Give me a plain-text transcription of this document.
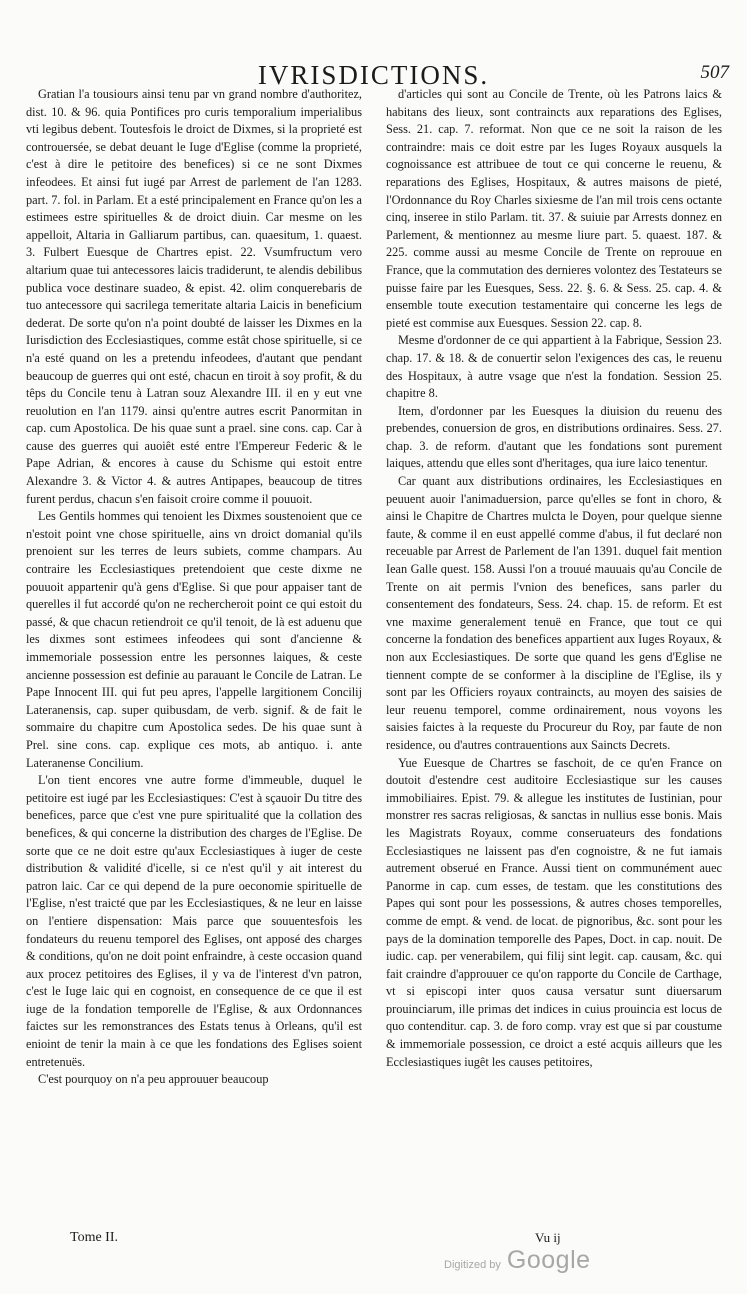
IVRISDICTIONS.	507

Gratian l'a tousiours ainsi tenu par vn grand nombre d'authoritez, dist. 10. & 96. quia Pontifices pro curis temporalium imperialibus vti legibus debent. Toutesfois le droict de Dixmes, si la proprieté est controuersée, se debat deuant le Iuge d'Eglise (comme la proprieté, c'est à dire le petitoire des benefices) si ce ne sont Dixmes infeodees. Et ainsi fut iugé par Arrest de parlement de l'an 1283. part. 7. fol. in Parlam. Et a esté principalement en France qu'on les a estimees estre spirituelles & de droict diuin. Car mesme on les appelloit, Altaria in Galliarum partibus, can. quaesitum, 1. quaest. 3. Fulbert Euesque de Chartres epist. 22. Vsumfructum vero altarium quae tui antecessores laicis tradiderunt, te alendis debilibus publica voce destinare suadeo, & epist. 42. olim conquerebaris de tuo antecessore qui sacrilega temeritate altaria Laicis in beneficium dederat. De sorte qu'on n'a point doubté de laisser les Dixmes en la Iurisdiction des Ecclesiastiques, comme estât chose spirituelle, si ce n'a esté quand on les a pretendu infeodees, d'autant que pendant beaucoup de guerres qui ont esté, chacun en tiroit à soy profit, & du têps du Concile tenu à Latran souz Alexandre III. il en y eut vne reuolution en l'an 1179. ainsi qu'entre autres escrit Panormitan in cap. cum Apostolica. De his quae sunt a prael. sine cons. cap. Car à cause des guerres qui auoiêt esté entre l'Empereur Federic & le Pape Adrian, & encores à cause du Schisme qui estoit entre Alexandre 3. & Victor 4. & autres Antipapes, beaucoup de titres furent perdus, chacun s'en faisoit croire comme il pouuoit.

Les Gentils hommes qui tenoient les Dixmes soustenoient que ce n'estoit point vne chose spirituelle, ains vn droict domanial qu'ils prenoient sur les terres de leurs subiets, comme champars. Au contraire les Ecclesiastiques pretendoient que ceste dixme ne pouuoit appartenir qu'à gens d'Eglise. Si que pour appaiser tant de querelles il fut accordé qu'on ne rechercheroit point ce qui estoit du passé, & que chacun retiendroit ce qu'il tenoit, de là est aduenu que les dixmes sont estimees infeodees qui sont d'ancienne & immemoriale possession entre les personnes laiques, & ceste ancienne possession est definie au parauant le Concile de Latran. Le Pape Innocent III. qui fut peu apres, l'appelle largitionem Concilij Lateranensis, cap. super quibusdam, de verb. signif. & de fait le sommaire du chapitre cum Apostolica sedes. De his quae sunt à Prel. sine cons. cap. explique ces mots, ab antiquo. i. ante Lateranense Concilium.

L'on tient encores vne autre forme d'immeuble, duquel le petitoire est iugé par les Ecclesiastiques: C'est à sçauoir Du titre des benefices, parce que c'est vne pure spiritualité que la collation des benefices, & qui concerne la distribution des charges de l'Eglise. De sorte que ce ne doit estre qu'aux Ecclesiastiques à iuger de ceste distribution & validité d'icelle, si ce n'est qu'il y ait interest du patron laic. Car ce qui depend de la pure oeconomie spirituelle de l'Eglise, n'est traicté que par les Ecclesiastiques, & ne leur en laisse on l'entiere dispensation: Mais parce que souuentesfois les fondateurs du reuenu temporel des Eglises, ont apposé des charges & conditions, qu'on ne doit point enfraindre, à ceste occasion quand aux procez petitoires des Eglises, il y va de l'interest d'vn patron, c'est le Iuge laic qui en cognoist, en consequence de ce que il est iuge de la fondation temporelle de l'Eglise, & aux Ordonnances faictes sur les remonstrances des Estats tenus à Orleans, qu'il est enioint de tenir la main à ce que les fondations des Eglises soient entretenuës.

C'est pourquoy on n'a peu approuuer beaucoup

d'articles qui sont au Concile de Trente, où les Patrons laics & habitans des lieux, sont contraincts aux reparations des Eglises, Sess. 21. cap. 7. reformat. Non que ce ne soit la raison de les contraindre: mais ce doit estre par les Iuges Royaux ausquels la cognoissance est attribuee de tout ce qui concerne le reuenu, & reparations des Eglises, Hospitaux, & autres maisons de pieté, l'Ordonnance du Roy Charles sixiesme de l'an mil trois cens octante cinq, inseree in stilo Parlam. tit. 37. & suiuie par Arrests donnez en Parlement, & mentionnez au mesme liure part. 5. quaest. 187. & 225. comme aussi au mesme Concile de Trente on reprouue en France, que la commutation des dernieres volontez des Testateurs se puisse faire par les Euesques, Sess. 22. §. 6. & Sess. 25. cap. 4. & ensemble toute execution testamentaire qui concerne les legs de pieté est commise aux Euesques. Session 22. cap. 8.

Mesme d'ordonner de ce qui appartient à la Fabrique, Session 23. chap. 17. & 18. & de conuertir selon l'exigences des cas, le reuenu des Hospitaux, à autre vsage que n'est la fondation. Session 25. chapitre 8.

Item, d'ordonner par les Euesques la diuision du reuenu des prebendes, conuersion de gros, en distributions ordinaires. Sess. 27. chap. 3. de reform. d'autant que les fondations sont purement laiques, attendu que elles sont d'heritages, qua iure laico tenentur.

Car quant aux distributions ordinaires, les Ecclesiastiques en peuuent auoir l'animaduersion, parce qu'elles se font in choro, & ainsi le Chapitre de Chartres mulcta le Doyen, pour quelque sienne faute, & comme il en eust appellé comme d'abus, il fut declaré non receuable par Arrest de Parlement de l'an 1391. duquel fait mention Iean Galle quest. 158. Aussi l'on a trouué mauuais qu'au Concile de Trente on ait permis l'vnion des benefices, sans parler du consentement des fondateurs, Sess. 24. chap. 15. de reform. Et est vne maxime generalement tenuë en France, que tout ce qui concerne la fondation des benefices appartient aux Iuges Royaux, & non aux Ecclesiastiques. De sorte que quand les gens d'Eglise ne tiennent compte de se conformer à la discipline de l'Eglise, ils y sont par les Officiers royaux contraincts, au moyen des saisies de leur reuenu temporel, comme ordinairement, nous voyons les saisies faictes à la requeste du Procureur du Roy, par faute de non residence, ou d'autres contrauentions aux Saincts Decrets.

Yue Euesque de Chartres se faschoit, de ce qu'en France on doutoit d'estendre cest auditoire Ecclesiastique sur les causes immobiliaires. Epist. 79. & allegue les institutes de Iustinian, pour monstrer res sacras religiosas, & sanctas in nullius esse bonis. Mais les Magistrats Royaux, comme conseruateurs des fondations Ecclesiastiques ne laissent pas d'en cognoistre, & ne fut iamais autrement obserué en France. Aussi tient on communément auec Panorme in cap. cum esses, de testam. que les constitutions des Papes qui sont pour les possessions, & autres choses temporelles, comme de empt. & vend. de locat. de pignoribus, &c. sont pour les pays de la domination temporelle des Papes, Doct. in cap. nouit. De iudic. cap. per venerabilem, qui filij sint legit. cap. causam, &c. qui fait craindre d'approuuer ce qu'on rapporte du Concile de Carthage, vt si episcopi inter quos causa versatur sunt diuersarum prouinciarum, ille primas det indices in cuius prouincia est locus de quo contenditur. cap. 3. de foro comp. vray est que si par coustume & immemoriale possession, ce droict a esté acquis ailleurs que les Ecclesiastiques iugêt les causes petitoires,

Tome II.	Vu ij
Digitized by Google
